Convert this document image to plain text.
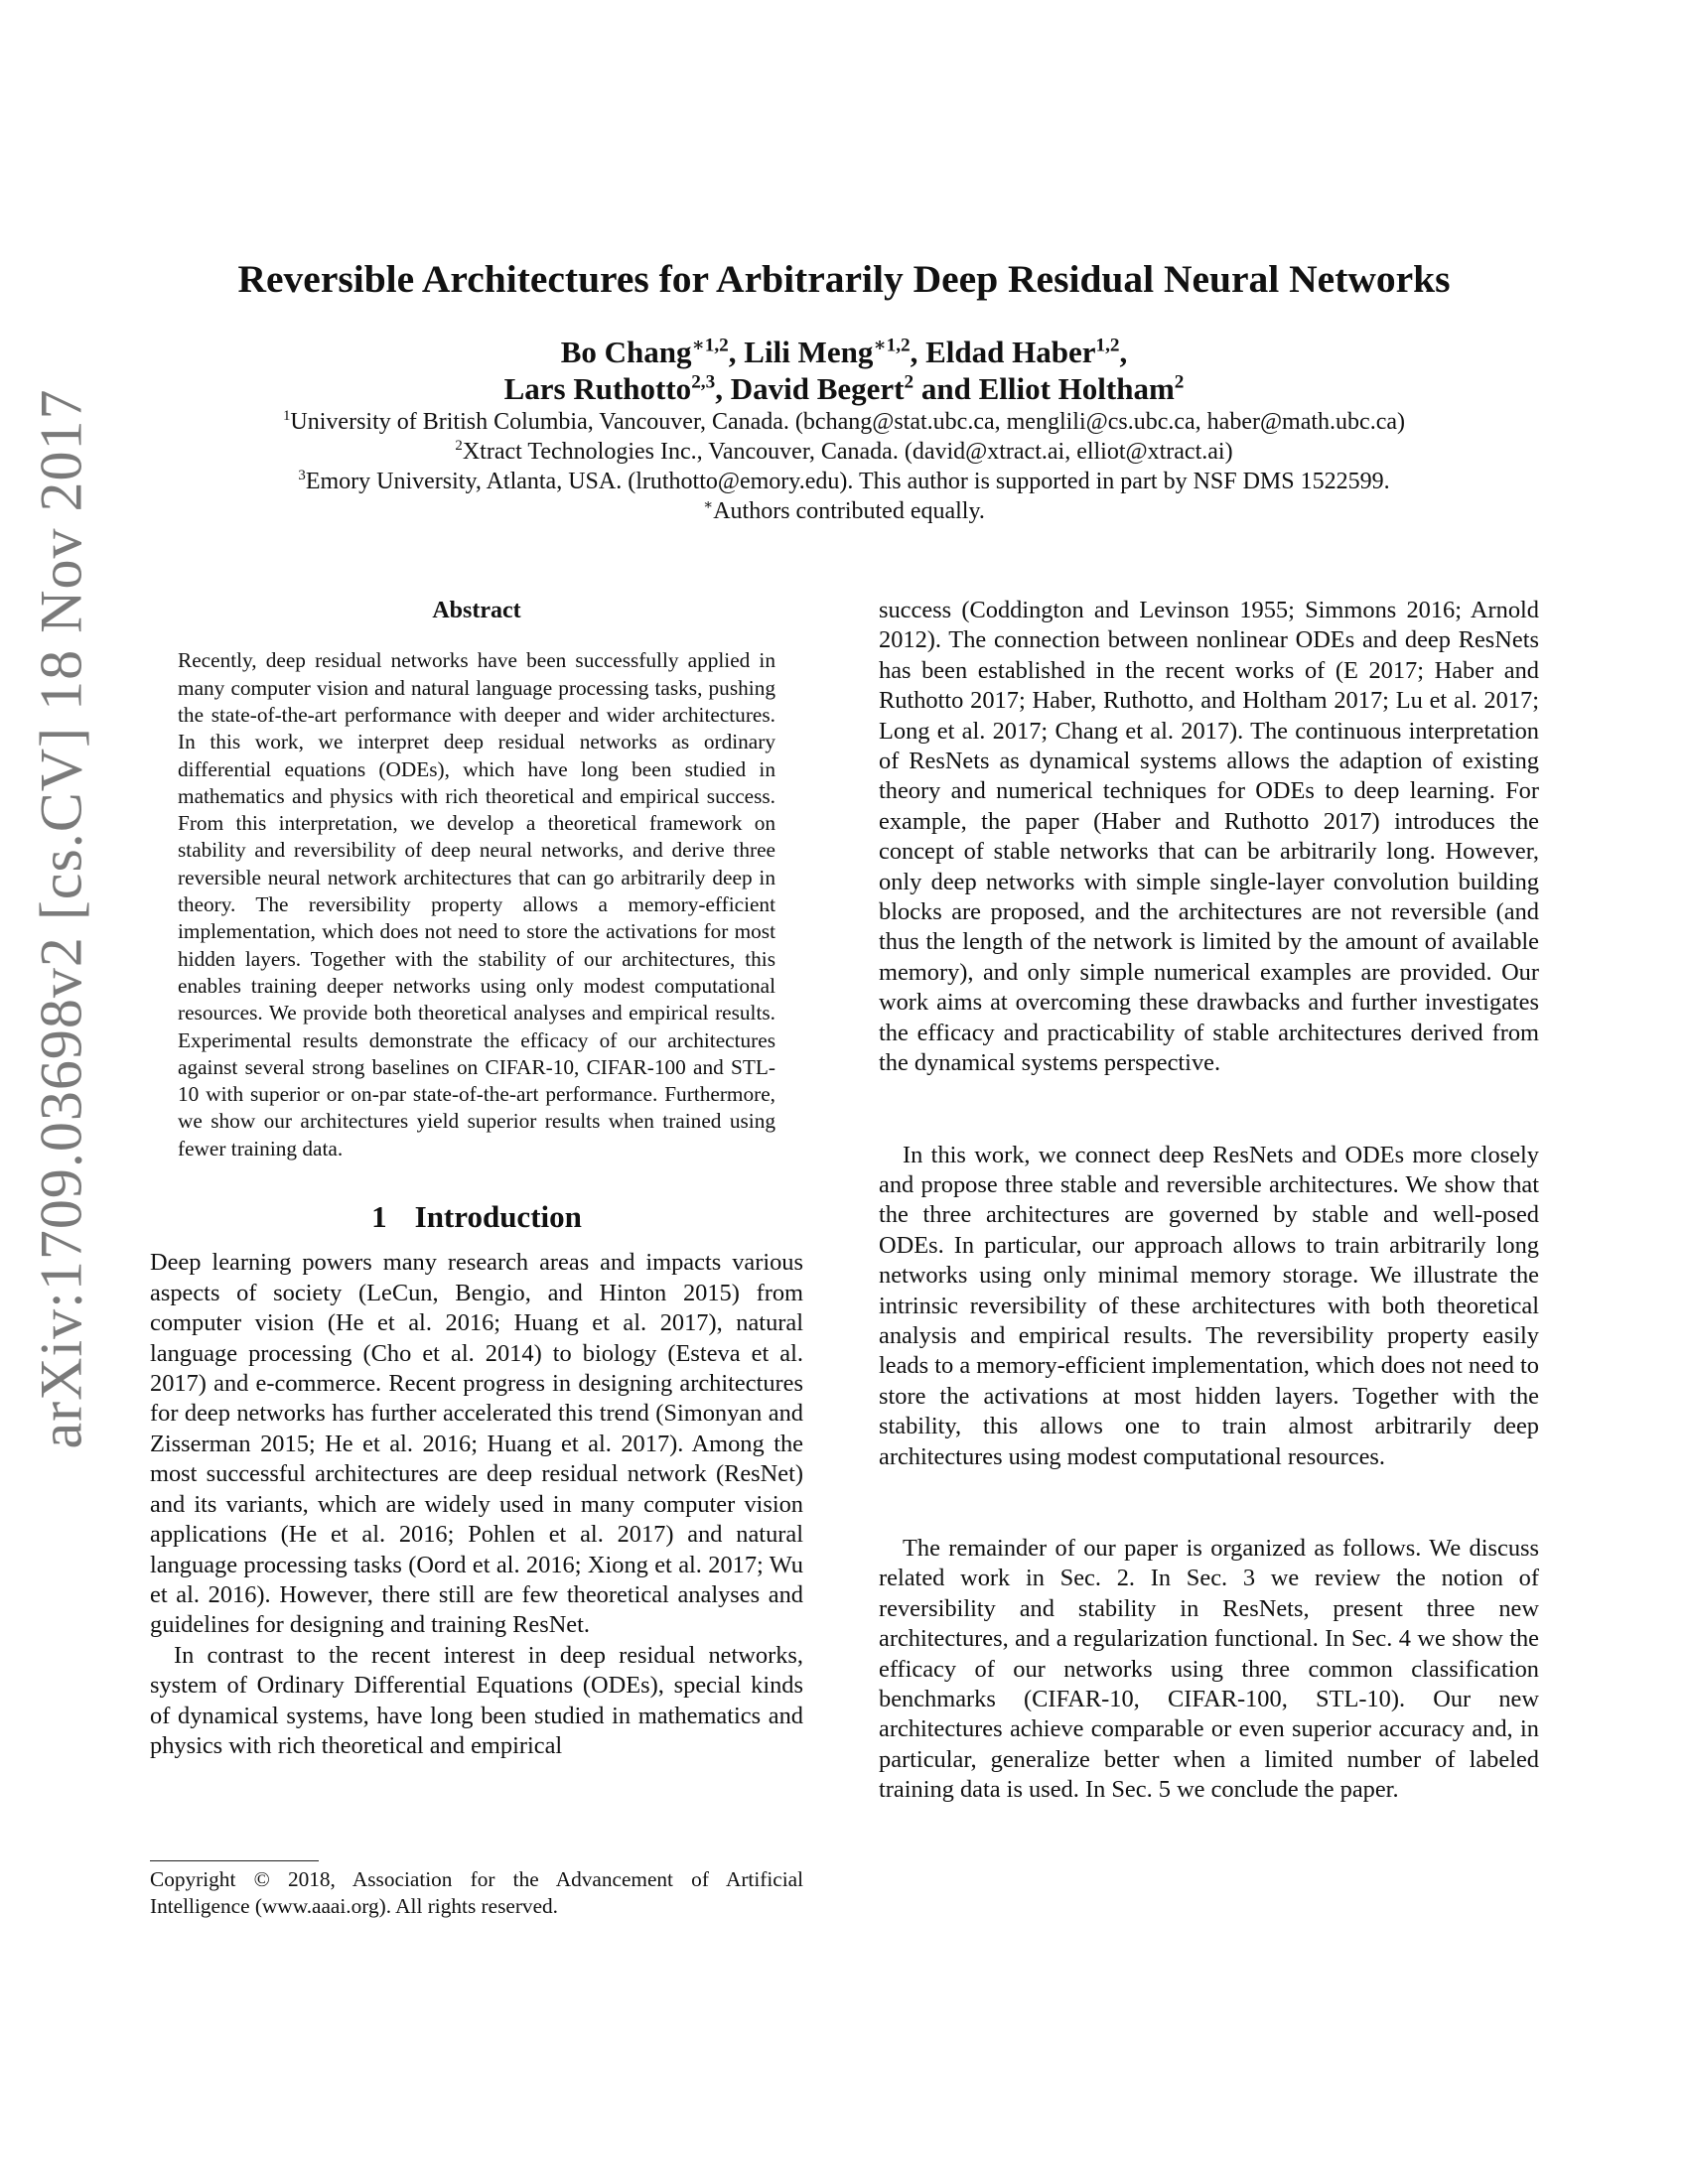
arXiv:1709.03698v2 [cs.CV] 18 Nov 2017
Reversible Architectures for Arbitrarily Deep Residual Neural Networks
Bo Chang$^{∗1,2}$, Lili Meng$^{∗1,2}$, Eldad Haber$^{1,2}$,
Lars Ruthotto$^{2,3}$, David Begert$^2$ and Elliot Holtham$^2$
$^1$University of British Columbia, Vancouver, Canada. (bchang@stat.ubc.ca, menglili@cs.ubc.ca, haber@math.ubc.ca)
$^2$Xtract Technologies Inc., Vancouver, Canada. (david@xtract.ai, elliot@xtract.ai)
$^3$Emory University, Atlanta, USA. (lruthotto@emory.edu). This author is supported in part by NSF DMS 1522599.
∗Authors contributed equally.
Abstract

Recently, deep residual networks have been successfully applied in many computer vision and natural language processing tasks, pushing the state-of-the-art performance with deeper and wider architectures. In this work, we interpret deep residual networks as ordinary differential equations (ODEs), which have long been studied in mathematics and physics with rich theoretical and empirical success. From this interpretation, we develop a theoretical framework on stability and reversibility of deep neural networks, and derive three reversible neural network architectures that can go arbitrarily deep in theory. The reversibility property allows a memory-efficient implementation, which does not need to store the activations for most hidden layers. Together with the stability of our architectures, this enables training deeper networks using only modest computational resources. We provide both theoretical analyses and empirical results. Experimental results demonstrate the efficacy of our architectures against several strong baselines on CIFAR-10, CIFAR-100 and STL-10 with superior or on-par state-of-the-art performance. Furthermore, we show our architectures yield superior results when trained using fewer training data.

1 Introduction

Deep learning powers many research areas and impacts various aspects of society (LeCun, Bengio, and Hinton 2015) from computer vision (He et al. 2016; Huang et al. 2017), natural language processing (Cho et al. 2014) to biology (Esteva et al. 2017) and e-commerce. Recent progress in designing architectures for deep networks has further accelerated this trend (Simonyan and Zisserman 2015; He et al. 2016; Huang et al. 2017). Among the most successful architectures are deep residual network (ResNet) and its variants, which are widely used in many computer vision applications (He et al. 2016; Pohlen et al. 2017) and natural language processing tasks (Oord et al. 2016; Xiong et al. 2017; Wu et al. 2016). However, there still are few theoretical analyses and guidelines for designing and training ResNet.

In contrast to the recent interest in deep residual networks, system of Ordinary Differential Equations (ODEs), special kinds of dynamical systems, have long been studied in mathematics and physics with rich theoretical and empirical

Copyright © 2018, Association for the Advancement of Artificial Intelligence (www.aaai.org). All rights reserved.

success (Coddington and Levinson 1955; Simmons 2016; Arnold 2012). The connection between nonlinear ODEs and deep ResNets has been established in the recent works of (E 2017; Haber and Ruthotto 2017; Haber, Ruthotto, and Holtham 2017; Lu et al. 2017; Long et al. 2017; Chang et al. 2017). The continuous interpretation of ResNets as dynamical systems allows the adaption of existing theory and numerical techniques for ODEs to deep learning. For example, the paper (Haber and Ruthotto 2017) introduces the concept of stable networks that can be arbitrarily long. However, only deep networks with simple single-layer convolution building blocks are proposed, and the architectures are not reversible (and thus the length of the network is limited by the amount of available memory), and only simple numerical examples are provided. Our work aims at overcoming these drawbacks and further investigates the efficacy and practicability of stable architectures derived from the dynamical systems perspective.

In this work, we connect deep ResNets and ODEs more closely and propose three stable and reversible architectures. We show that the three architectures are governed by stable and well-posed ODEs. In particular, our approach allows to train arbitrarily long networks using only minimal memory storage. We illustrate the intrinsic reversibility of these architectures with both theoretical analysis and empirical results. The reversibility property easily leads to a memory-efficient implementation, which does not need to store the activations at most hidden layers. Together with the stability, this allows one to train almost arbitrarily deep architectures using modest computational resources.

The remainder of our paper is organized as follows. We discuss related work in Sec. 2. In Sec. 3 we review the notion of reversibility and stability in ResNets, present three new architectures, and a regularization functional. In Sec. 4 we show the efficacy of our networks using three common classification benchmarks (CIFAR-10, CIFAR-100, STL-10). Our new architectures achieve comparable or even superior accuracy and, in particular, generalize better when a limited number of labeled training data is used. In Sec. 5 we conclude the paper.
